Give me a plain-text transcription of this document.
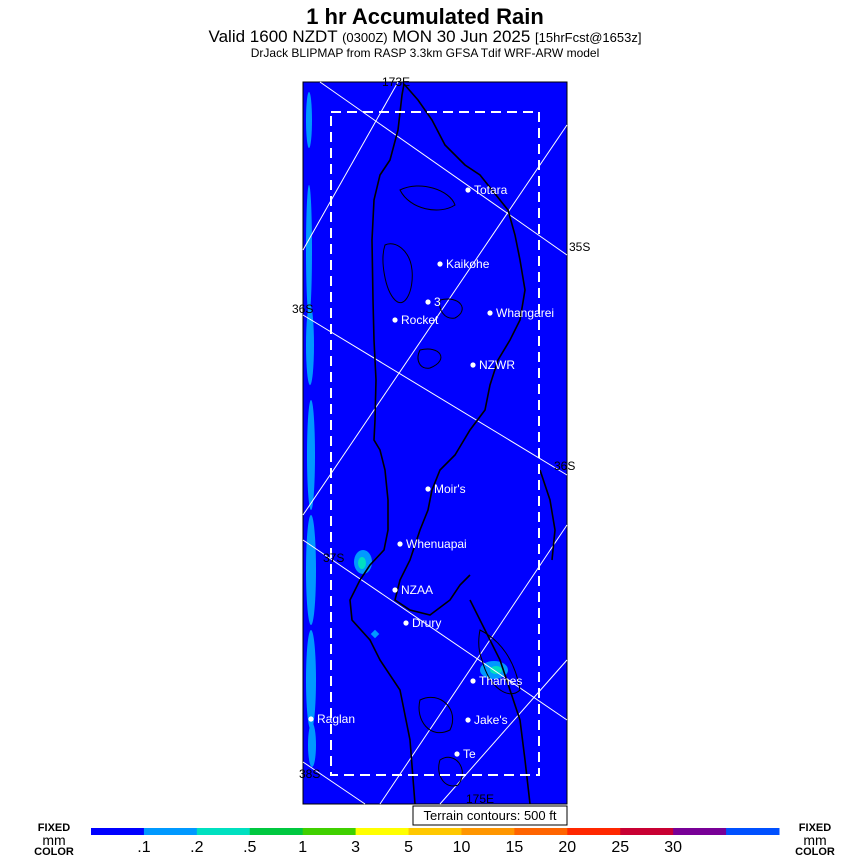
1 hr Accumulated Rain
Valid 1600 NZDT (0300Z) MON 30 Jun 2025 [15hrFcst@1653z]
DrJack BLIPMAP from RASP 3.3km GFSA Tdif WRF-ARW model
173E
35S
36S
36S
37S
38S
175E
Totara
Kaikohe
3
Rocket	Whangarei
NZWR
Moir's
Whenuapai
NZAA
Drury
Thames
Raglan	Jake's
Te
Terrain contours: 500 ft
.1 .2 .5	1	3	5 10 15 20 25 30
FIXED
mm
COLOR
FIXED
mm
COLOR
